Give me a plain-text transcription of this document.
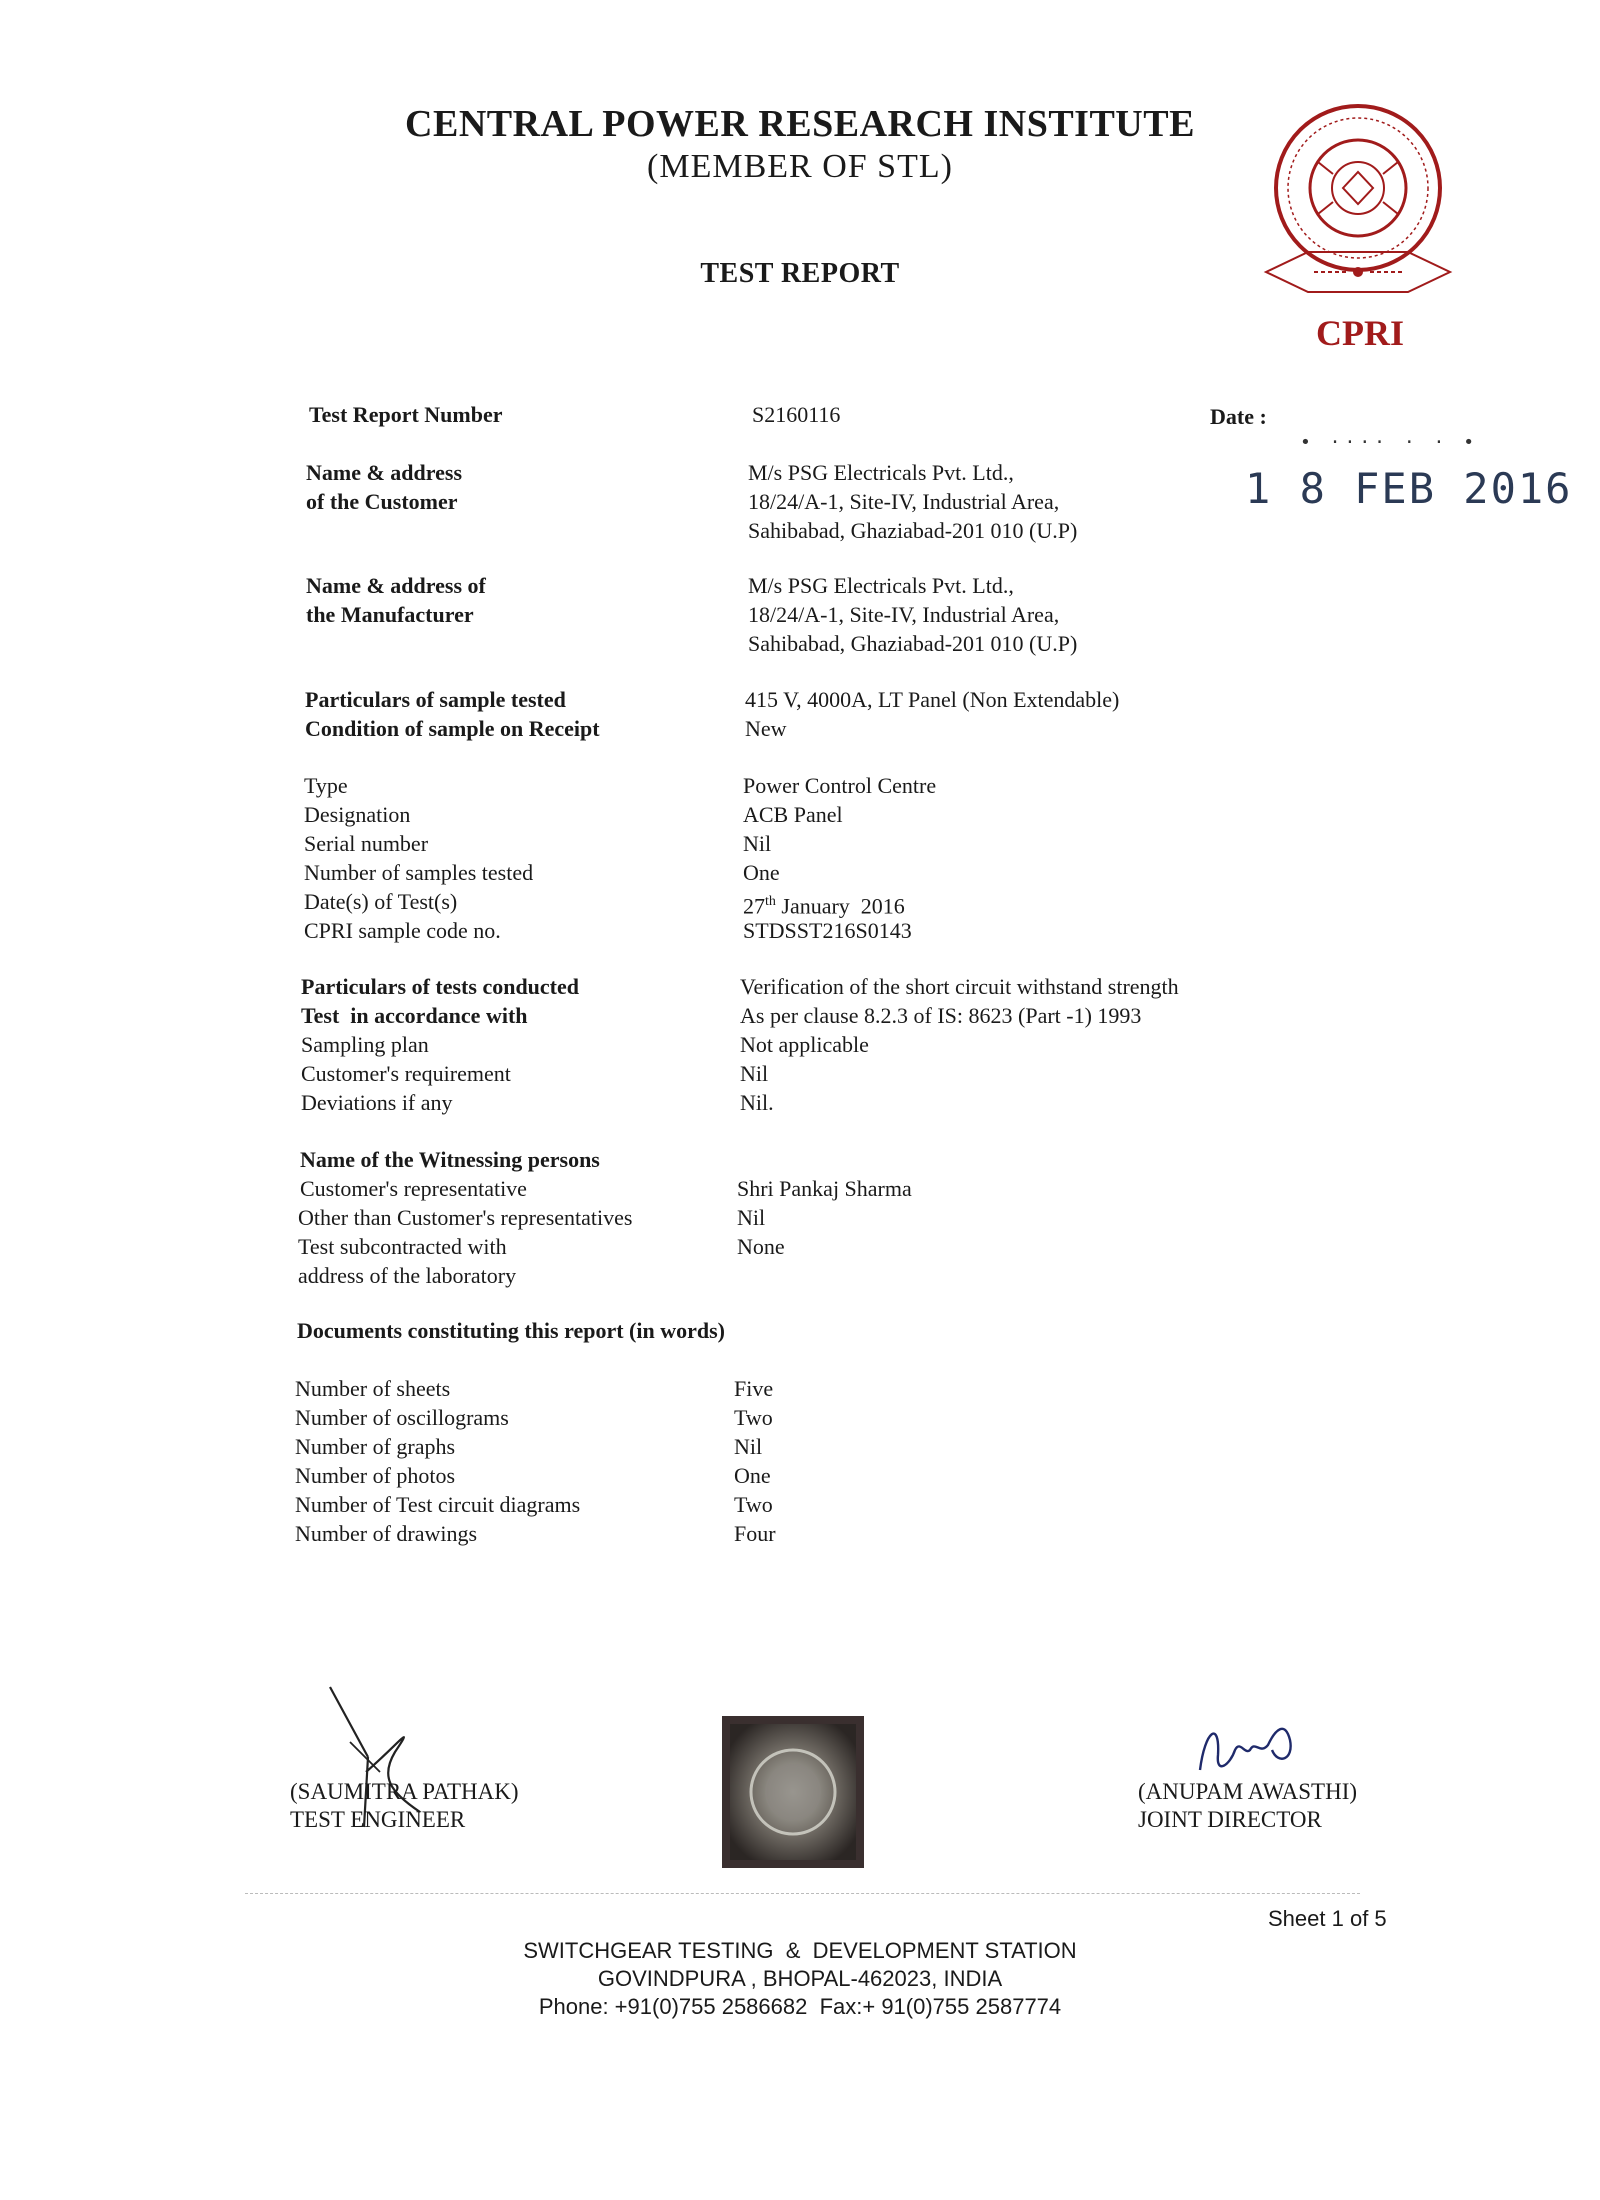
CENTRAL POWER RESEARCH INSTITUTE
(MEMBER OF STL)
TEST REPORT
CPRI
Date :
• ···· · · •
1 8 FEB 2016
Test Report Number	S2160116
Name & address
of the Customer
M/s PSG Electricals Pvt. Ltd.,
18/24/A-1, Site-IV, Industrial Area,
Sahibabad, Ghaziabad-201 010 (U.P)
Name & address of
the Manufacturer
M/s PSG Electricals Pvt. Ltd.,
18/24/A-1, Site-IV, Industrial Area,
Sahibabad, Ghaziabad-201 010 (U.P)
Particulars of sample tested	415 V, 4000A, LT Panel (Non Extendable)
Condition of sample on Receipt	New
Type	Power Control Centre
Designation	ACB Panel
Serial number	Nil
Number of samples tested	One
Date(s) of Test(s)	27th January  2016
CPRI sample code no.	STDSST216S0143
Particulars of tests conducted	Verification of the short circuit withstand strength
Test  in accordance with	As per clause 8.2.3 of IS: 8623 (Part -1) 1993
Sampling plan	Not applicable
Customer's requirement	Nil
Deviations if any	Nil.
Name of the Witnessing persons
Customer's representative	Shri Pankaj Sharma
Other than Customer's representatives	Nil
Test subcontracted with	None
address of the laboratory
Documents constituting this report (in words)
Number of sheets	Five
Number of oscillograms	Two
Number of graphs	Nil
Number of photos	One
Number of Test circuit diagrams	Two
Number of drawings	Four
(SAUMITRA PATHAK)
TEST ENGINEER
(ANUPAM AWASTHI)
JOINT DIRECTOR
Sheet 1 of 5
SWITCHGEAR TESTING  &  DEVELOPMENT STATION
GOVINDPURA , BHOPAL-462023, INDIA
Phone: +91(0)755 2586682  Fax:+ 91(0)755 2587774
